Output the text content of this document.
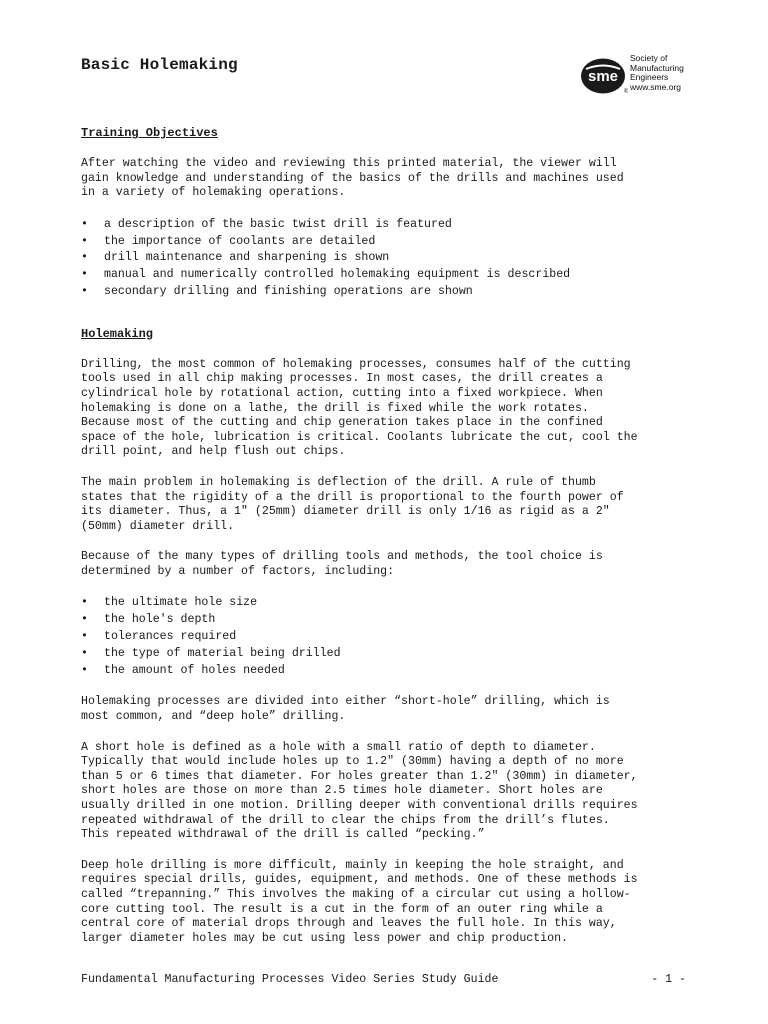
Basic Holemaking
sme
®
Society of
Manufacturing
Engineers
www.sme.org
Training Objectives

After watching the video and reviewing this printed material, the viewer will
gain knowledge and understanding of the basics of the drills and machines used
in a variety of holemaking operations.

• a description of the basic twist drill is featured
• the importance of coolants are detailed
• drill maintenance and sharpening is shown
• manual and numerically controlled holemaking equipment is described
• secondary drilling and finishing operations are shown
Holemaking

Drilling, the most common of holemaking processes, consumes half of the cutting
tools used in all chip making processes. In most cases, the drill creates a
cylindrical hole by rotational action, cutting into a fixed workpiece. When
holemaking is done on a lathe, the drill is fixed while the work rotates.
Because most of the cutting and chip generation takes place in the confined
space of the hole, lubrication is critical. Coolants lubricate the cut, cool the
drill point, and help flush out chips.

The main problem in holemaking is deflection of the drill. A rule of thumb
states that the rigidity of a the drill is proportional to the fourth power of
its diameter. Thus, a 1" (25mm) diameter drill is only 1/16 as rigid as a 2"
(50mm) diameter drill.

Because of the many types of drilling tools and methods, the tool choice is
determined by a number of factors, including:

• the ultimate hole size
• the hole's depth
• tolerances required
• the type of material being drilled
• the amount of holes needed

Holemaking processes are divided into either “short-hole” drilling, which is
most common, and “deep hole” drilling.

A short hole is defined as a hole with a small ratio of depth to diameter.
Typically that would include holes up to 1.2" (30mm) having a depth of no more
than 5 or 6 times that diameter. For holes greater than 1.2" (30mm) in diameter,
short holes are those on more than 2.5 times hole diameter. Short holes are
usually drilled in one motion. Drilling deeper with conventional drills requires
repeated withdrawal of the drill to clear the chips from the drill’s flutes.
This repeated withdrawal of the drill is called “pecking.”

Deep hole drilling is more difficult, mainly in keeping the hole straight, and
requires special drills, guides, equipment, and methods. One of these methods is
called “trepanning.” This involves the making of a circular cut using a hollow-
core cutting tool. The result is a cut in the form of an outer ring while a
central core of material drops through and leaves the full hole. In this way,
larger diameter holes may be cut using less power and chip production.

Fundamental Manufacturing Processes Video Series Study Guide	- 1 -
